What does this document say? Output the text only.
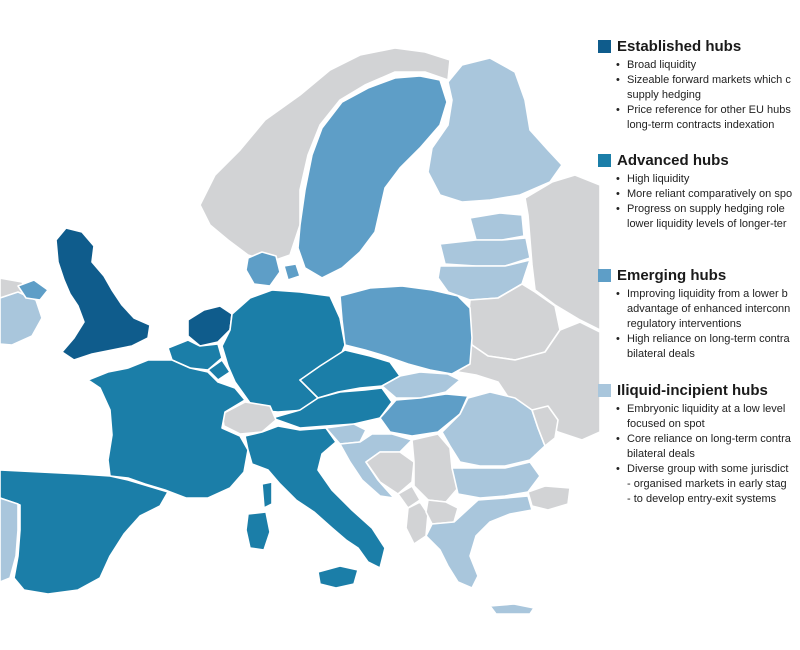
Established hubs
• Broad liquidity
• Sizeable forward markets which c
supply hedging
• Price reference for other EU hubs
long-term contracts indexation
Advanced hubs
• High liquidity
• More reliant comparatively on spo
• Progress on supply hedging role
lower liquidity levels of longer-ter
Emerging hubs
• Improving liquidity from a lower b
advantage of enhanced interconn
regulatory interventions
• High reliance on long-term contra
bilateral deals
Iliquid-incipient hubs
• Embryonic liquidity at a low level
focused on spot
• Core reliance on long-term contra
bilateral deals
• Diverse group with some jurisdict
- organised markets in early stag
- to develop entry-exit systems
